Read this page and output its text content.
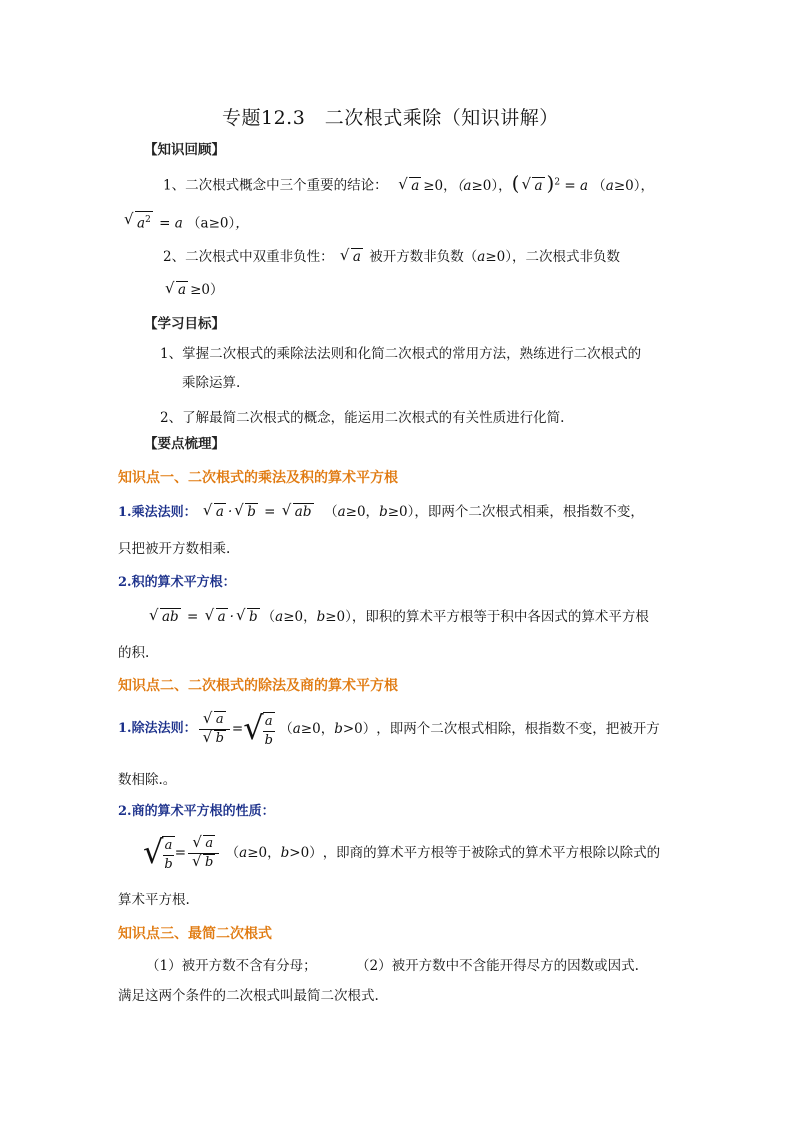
专题12.3　二次根式乘除（知识讲解）
【知识回顾】
1、二次根式概念中三个重要的结论： √ a ≥0，（a≥0），( √ a )$^2$ = a （a≥0），
√ $a^2 = a$ （a≥0），
2、二次根式中双重非负性： √ a 被开方数非负数（a≥0），二次根式非负数
√ a ≥0）
【学习目标】
1、掌握二次根式的乘除法法则和化简二次根式的常用方法，熟练进行二次根式的
乘除运算.
2、了解最简二次根式的概念，能运用二次根式的有关性质进行化简.
【要点梳理】
知识点一、二次根式的乘法及积的算术平方根
1.乘法法则： √ a · √ b = √ ab （a≥0，b≥0），即两个二次根式相乘，根指数不变，
只把被开方数相乘.
2.积的算术平方根：
√ ab = √ a · √ b （a≥0，b≥0），即积的算术平方根等于积中各因式的算术平方根
的积.
知识点二、二次根式的除法及商的算术平方根
1.除法法则： √ a
√ b = √ $\frac{a}{b}$ （ a ≥0， b >0） ，即两个二次根式相除，根指数不变，把被开方
数相除.。
2.商的算术平方根的性质：
√ $\frac{a}{b}$ = √ a
√ b （ a ≥0， b >0） ，即商的算术平方根等于被除式的算术平方根除以除式的
算术平方根.
知识点三、最简二次根式
（1）被开方数不含有分母；	（2）被开方数中不含能开得尽方的因数或因式.
满足这两个条件的二次根式叫最简二次根式.
